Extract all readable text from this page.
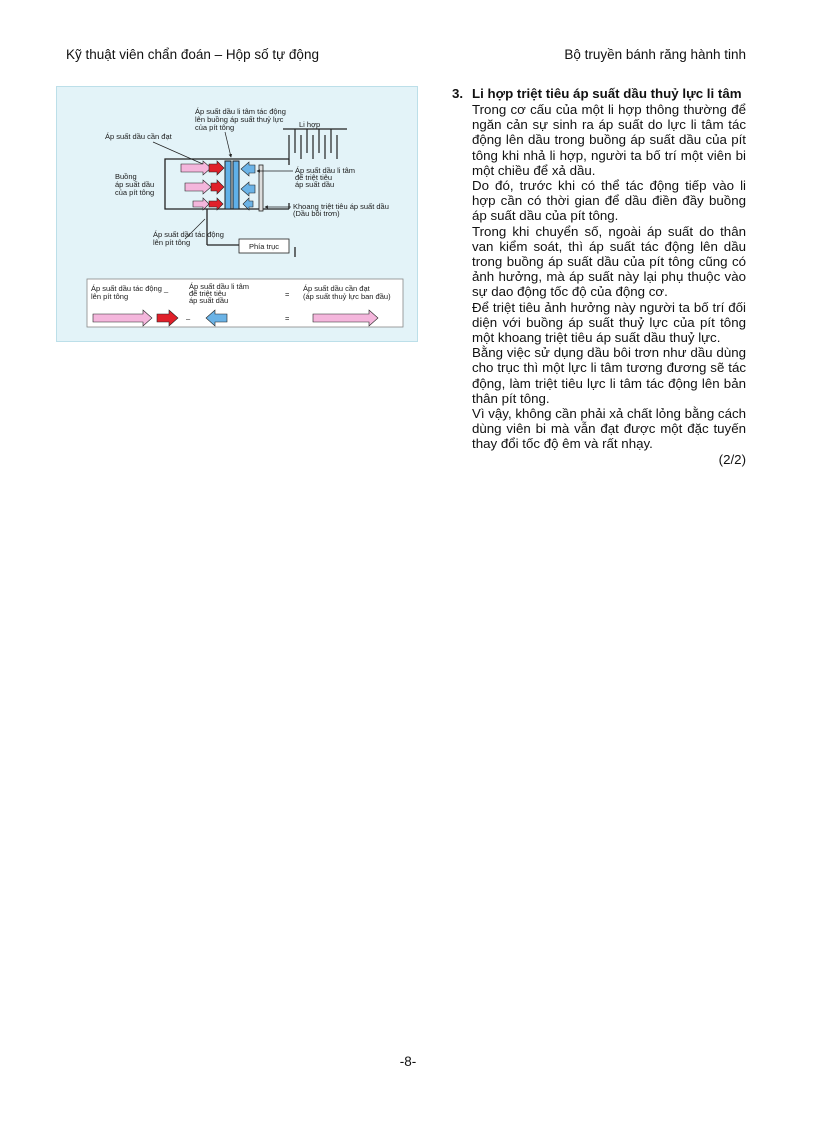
Kỹ thuật viên chẩn đoán – Hộp số tự động	Bộ truyền bánh răng hành tinh
Áp suất dầu li tâm tác động lên buồng áp suất thuỷ lực của pít tông	Li hợp
Áp suất dầu cần đạt
Buồng áp suất dầu của pít tông
Áp suất dầu li tâm để triệt tiêu áp suất dầu
Khoang triệt tiêu áp suất dầu (Dầu bôi trơn)
Áp suất dầu tác động lên pít tông	Phía trục
Áp suất dầu tác động _ lên pít tông
Áp suất dầu li tâm để triệt tiêu áp suất dầu
=
Áp suất dầu cần đạt (áp suất thuỷ lực ban đầu)
–	=
3. Li hợp triệt tiêu áp suất dầu thuỷ lực li tâm
Trong cơ cấu của một li hợp thông thường để ngăn cản sự sinh ra áp suất do lực li tâm tác động lên dầu trong buồng áp suất dầu của pít tông khi nhả li hợp, người ta bố trí một viên bi một chiều để xả dầu.
Do đó, trước khi có thể tác động tiếp vào li hợp cần có thời gian để dầu điền đầy buồng áp suất dầu của pít tông.
Trong khi chuyển số, ngoài áp suất do thân van kiểm soát, thì áp suất tác động lên dầu trong buồng áp suất dầu của pít tông cũng có ảnh hưởng, mà áp suất này lại phụ thuộc vào sự dao động tốc độ của động cơ.
Để triệt tiêu ảnh hưởng này người ta bố trí đối diện với buồng áp suất thuỷ lực của pít tông một khoang triệt tiêu áp suất dầu thuỷ lực.
Bằng việc sử dụng dầu bôi trơn như dầu dùng cho trục thì một lực li tâm tương đương sẽ tác động, làm triệt tiêu lực li tâm tác động lên bản thân pít tông.
Vì vậy, không cần phải xả chất lỏng bằng cách dùng viên bi mà vẫn đạt được một đặc tuyến thay đổi tốc độ êm và rất nhạy.
(2/2)
-8-
